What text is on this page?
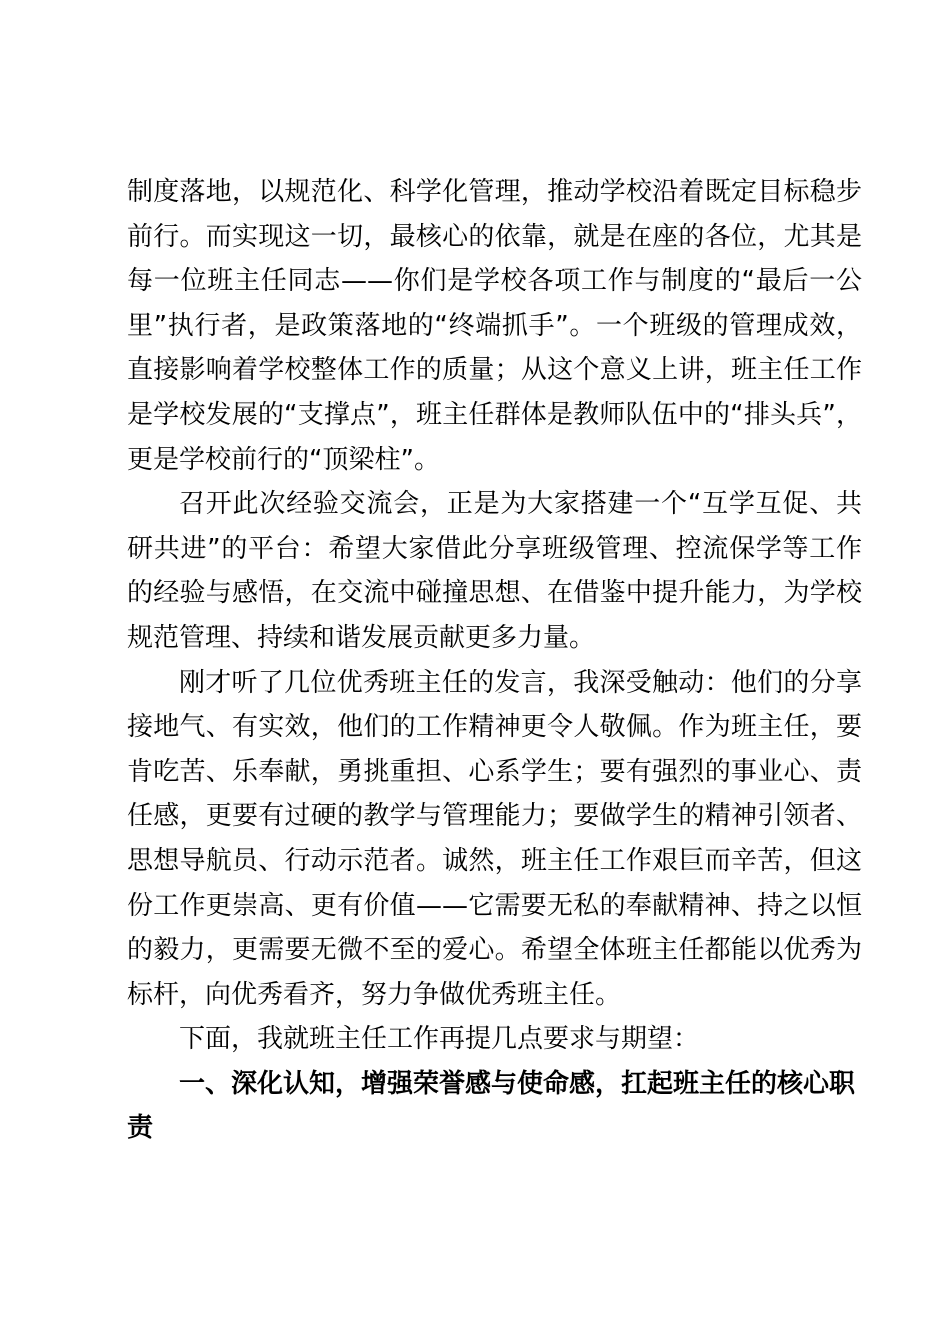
制度落地，以规范化、科学化管理，推动学校沿着既定目标稳步前行。而实现这一切，最核心的依靠，就是在座的各位，尤其是每一位班主任同志——你们是学校各项工作与制度的“最后一公里”执行者，是政策落地的“终端抓手”。一个班级的管理成效，直接影响着学校整体工作的质量；从这个意义上讲，班主任工作是学校发展的“支撑点”，班主任群体是教师队伍中的“排头兵”，更是学校前行的“顶梁柱”。

召开此次经验交流会，正是为大家搭建一个“互学互促、共研共进”的平台：希望大家借此分享班级管理、控流保学等工作的经验与感悟，在交流中碰撞思想、在借鉴中提升能力，为学校规范管理、持续和谐发展贡献更多力量。

刚才听了几位优秀班主任的发言，我深受触动：他们的分享接地气、有实效，他们的工作精神更令人敬佩。作为班主任，要肯吃苦、乐奉献，勇挑重担、心系学生；要有强烈的事业心、责任感，更要有过硬的教学与管理能力；要做学生的精神引领者、思想导航员、行动示范者。诚然，班主任工作艰巨而辛苦，但这份工作更崇高、更有价值——它需要无私的奉献精神、持之以恒的毅力，更需要无微不至的爱心。希望全体班主任都能以优秀为标杆，向优秀看齐，努力争做优秀班主任。

下面，我就班主任工作再提几点要求与期望：

一、深化认知，增强荣誉感与使命感，扛起班主任的核心职责
